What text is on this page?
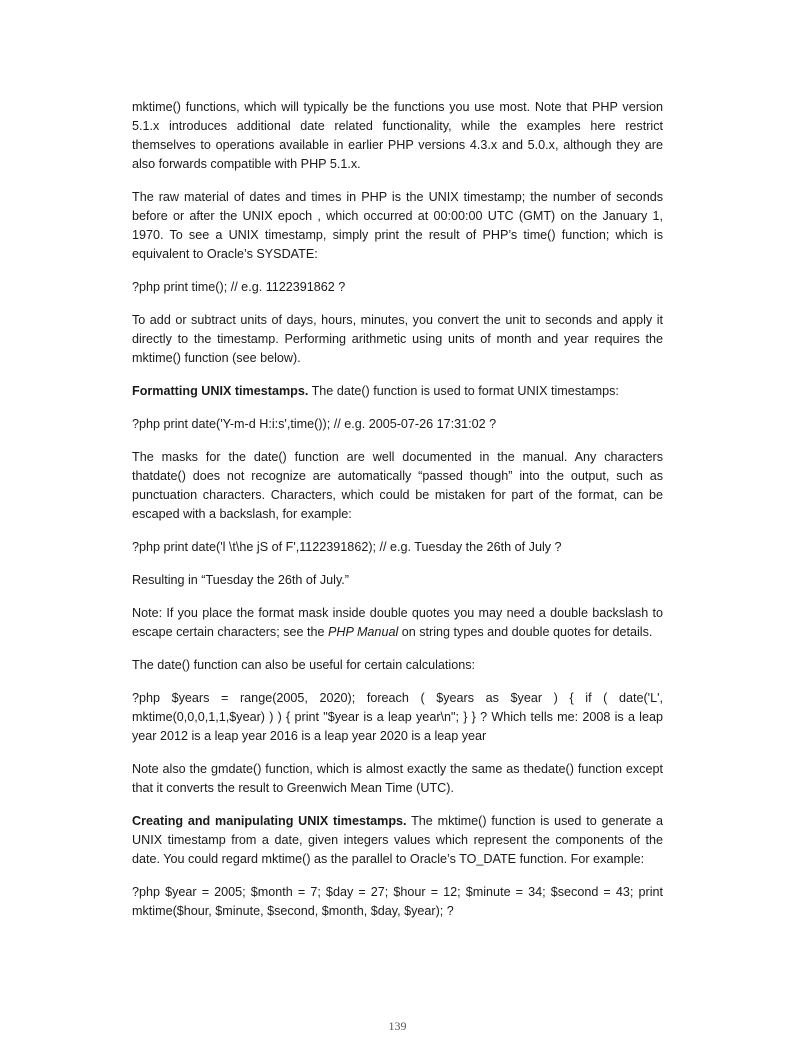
mktime() functions, which will typically be the functions you use most. Note that PHP version 5.1.x introduces additional date related functionality, while the examples here restrict themselves to operations available in earlier PHP versions 4.3.x and 5.0.x, although they are also forwards compatible with PHP 5.1.x.

The raw material of dates and times in PHP is the UNIX timestamp; the number of seconds before or after the UNIX epoch , which occurred at 00:00:00 UTC (GMT) on the January 1, 1970. To see a UNIX timestamp, simply print the result of PHP’s time() function; which is equivalent to Oracle’s SYSDATE:

?php print time(); // e.g. 1122391862 ?

To add or subtract units of days, hours, minutes, you convert the unit to seconds and apply it directly to the timestamp. Performing arithmetic using units of month and year requires the mktime() function (see below).

Formatting UNIX timestamps. The date() function is used to format UNIX timestamps:

?php print date('Y-m-d H:i:s',time()); // e.g. 2005-07-26 17:31:02 ?

The masks for the date() function are well documented in the manual. Any characters thatdate() does not recognize are automatically “passed though” into the output, such as punctuation characters. Characters, which could be mistaken for part of the format, can be escaped with a backslash, for example:

?php print date('l \t\he jS of F',1122391862); // e.g. Tuesday the 26th of July ?

Resulting in “Tuesday the 26th of July.”

Note: If you place the format mask inside double quotes you may need a double backslash to escape certain characters; see the PHP Manual on string types and double quotes for details.

The date() function can also be useful for certain calculations:

?php $years = range(2005, 2020); foreach ( $years as $year ) { if ( date('L', mktime(0,0,0,1,1,$year) ) ) { print "$year is a leap year\n"; } } ? Which tells me: 2008 is a leap year 2012 is a leap year 2016 is a leap year 2020 is a leap year

Note also the gmdate() function, which is almost exactly the same as thedate() function except that it converts the result to Greenwich Mean Time (UTC).

Creating and manipulating UNIX timestamps. The mktime() function is used to generate a UNIX timestamp from a date, given integers values which represent the components of the date. You could regard mktime() as the parallel to Oracle’s TO_DATE function. For example:

?php $year = 2005; $month = 7; $day = 27; $hour = 12; $minute = 34; $second = 43; print mktime($hour, $minute, $second, $month, $day, $year); ?

139
